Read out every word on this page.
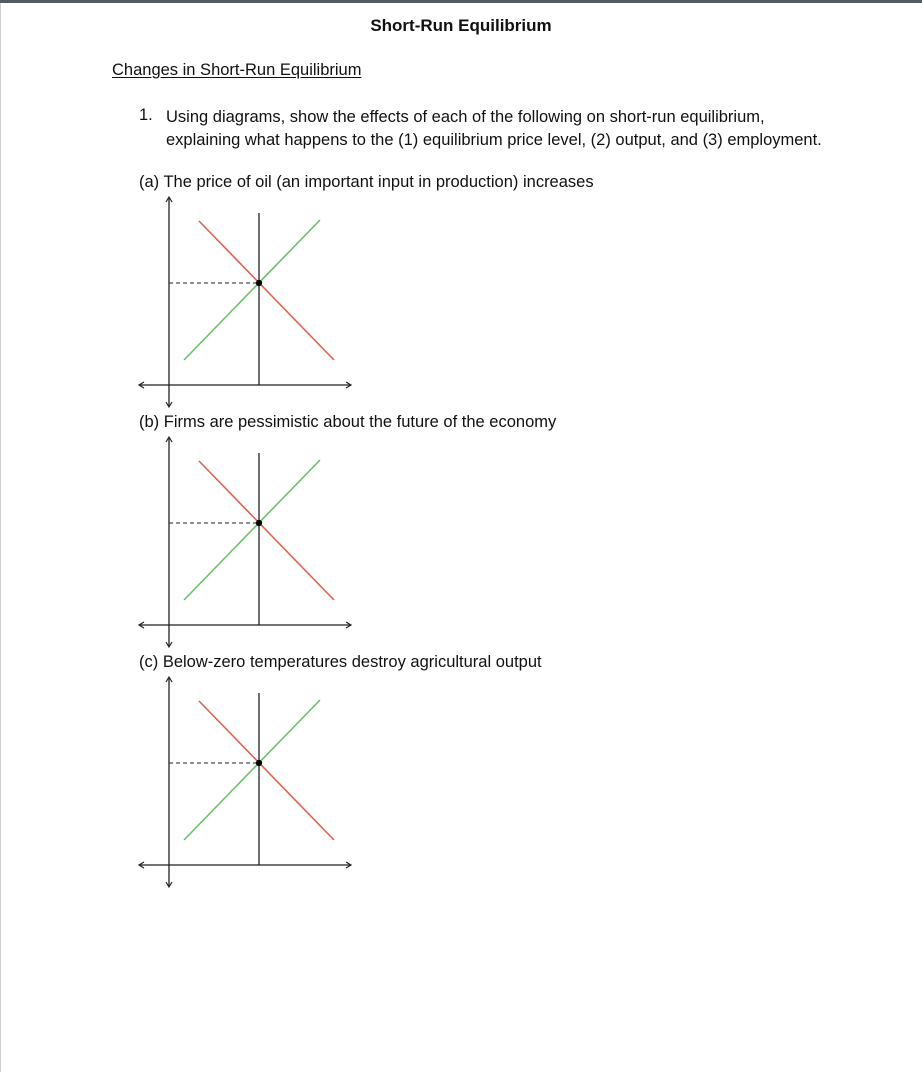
Short-Run Equilibrium
Changes in Short-Run Equilibrium
1. Using diagrams, show the effects of each of the following on short-run equilibrium, explaining what happens to the (1) equilibrium price level, (2) output, and (3) employment.
(a) The price of oil (an important input in production) increases
(b) Firms are pessimistic about the future of the economy
(c) Below-zero temperatures destroy agricultural output
